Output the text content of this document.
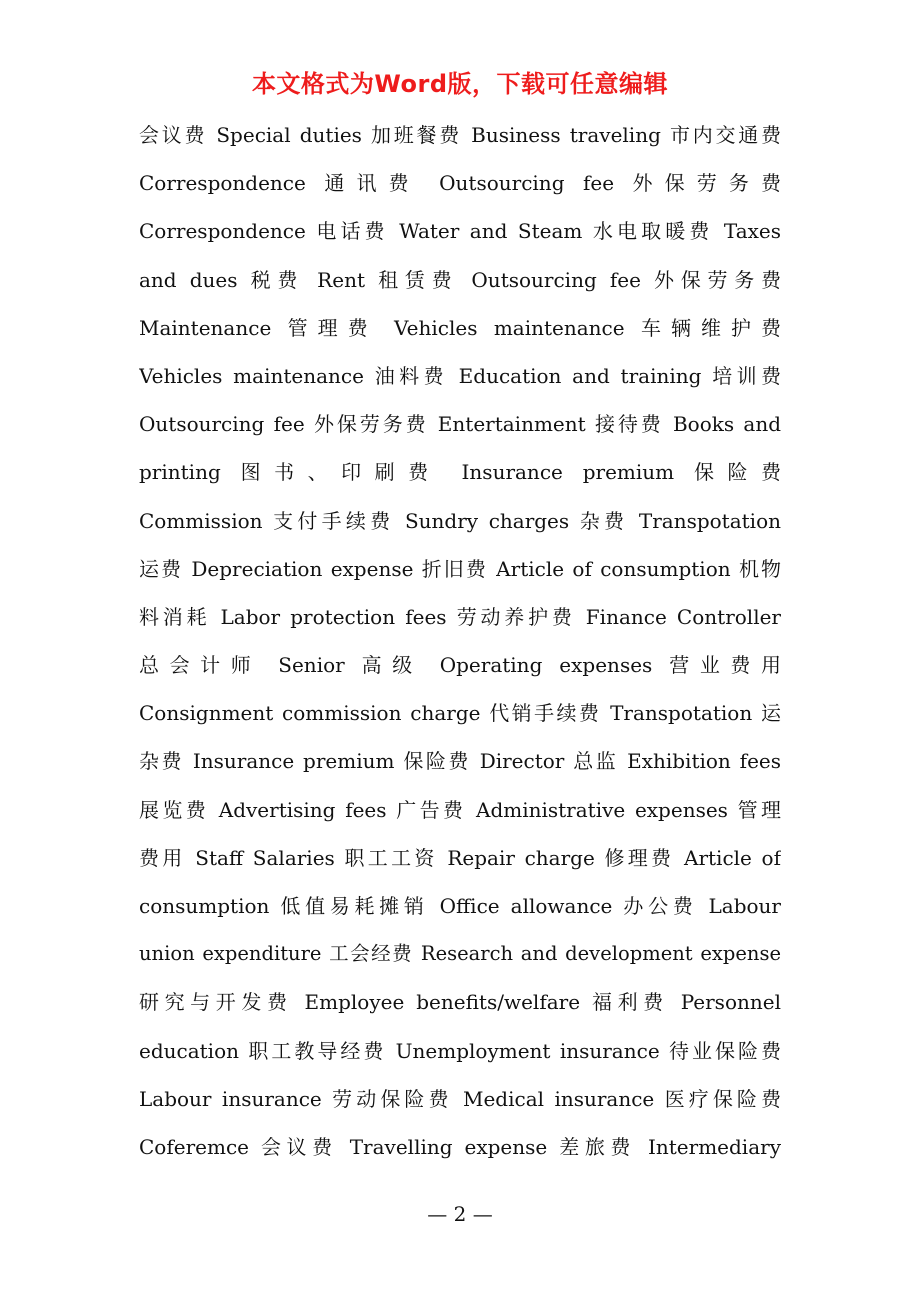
本文格式为Word版，下载可任意编辑
会议费 Special duties 加班餐费 Business traveling 市内交通费
Correspondence 通讯费 Outsourcing fee 外保劳务费
Correspondence 电话费 Water and Steam 水电取暖费 Taxes
and dues 税费 Rent 租赁费 Outsourcing fee 外保劳务费
Maintenance 管理费 Vehicles maintenance 车辆维护费
Vehicles maintenance 油料费 Education and training 培训费
Outsourcing fee 外保劳务费 Entertainment 接待费 Books and
printing 图书、印刷费 Insurance premium 保险费
Commission 支付手续费 Sundry charges 杂费 Transpotation
运费 Depreciation expense 折旧费 Article of consumption 机物
料消耗 Labor protection fees 劳动养护费 Finance Controller
总会计师 Senior 高级 Operating expenses 营业费用
Consignment commission charge 代销手续费 Transpotation 运
杂费 Insurance premium 保险费 Director 总监 Exhibition fees
展览费 Advertising fees 广告费 Administrative expenses 管理
费用 Staff Salaries 职工工资 Repair charge 修理费 Article of
consumption 低值易耗摊销 Office allowance 办公费 Labour
union expenditure 工会经费 Research and development expense
研究与开发费 Employee benefits/welfare 福利费 Personnel
education 职工教导经费 Unemployment insurance 待业保险费
Labour insurance 劳动保险费 Medical insurance 医疗保险费
Coferemce 会议费 Travelling expense 差旅费 Intermediary
— 2 —
